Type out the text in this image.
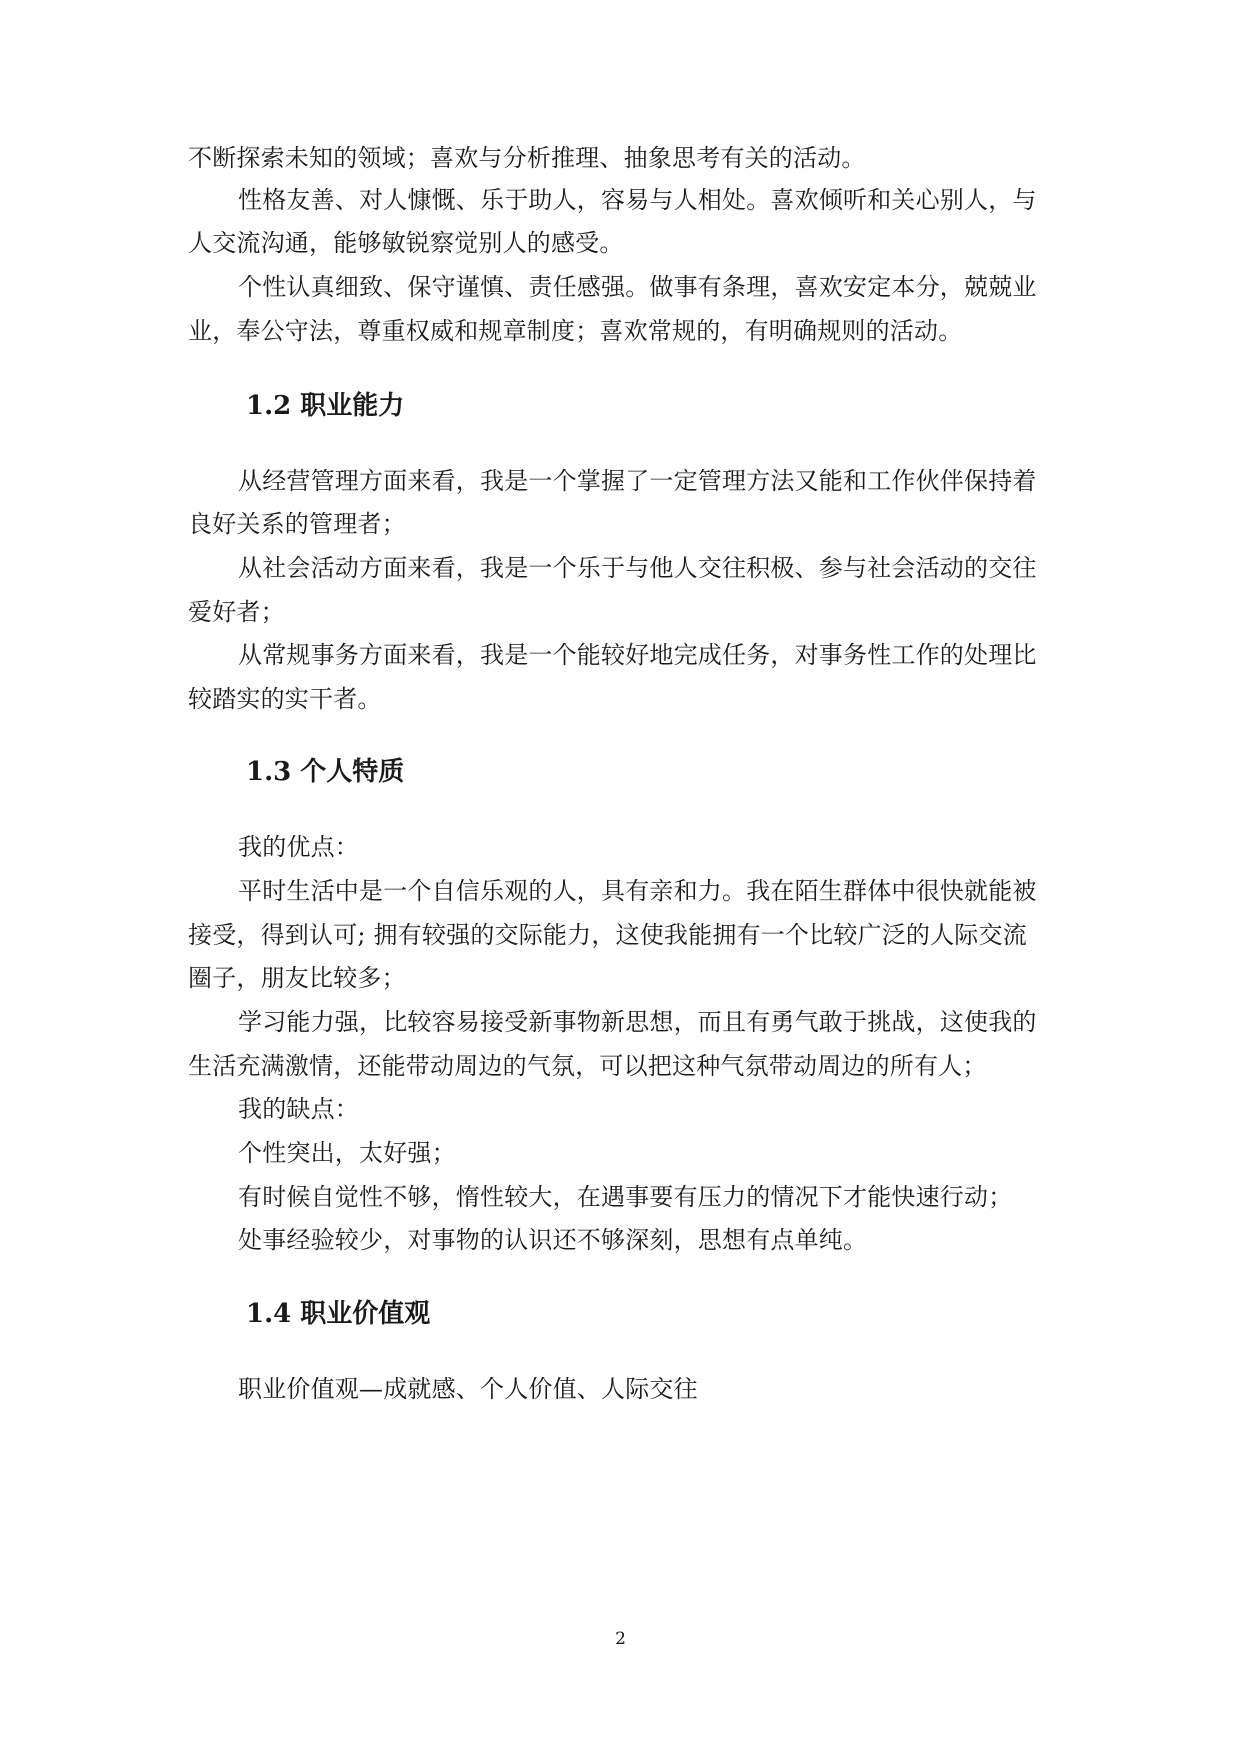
不断探索未知的领域；喜欢与分析推理、抽象思考有关的活动。
性格友善、对人慷慨、乐于助人，容易与人相处。喜欢倾听和关心别人，与
人交流沟通，能够敏锐察觉别人的感受。
个性认真细致、保守谨慎、责任感强。做事有条理，喜欢安定本分，兢兢业
业，奉公守法，尊重权威和规章制度；喜欢常规的，有明确规则的活动。
1.2 职业能力
从经营管理方面来看，我是一个掌握了一定管理方法又能和工作伙伴保持着
良好关系的管理者；
从社会活动方面来看，我是一个乐于与他人交往积极、参与社会活动的交往
爱好者；
从常规事务方面来看，我是一个能较好地完成任务，对事务性工作的处理比
较踏实的实干者。
1.3 个人特质
我的优点：
平时生活中是一个自信乐观的人，具有亲和力。我在陌生群体中很快就能被
接受，得到认可; 拥有较强的交际能力，这使我能拥有一个比较广泛的人际交流
圈子，朋友比较多；
学习能力强，比较容易接受新事物新思想，而且有勇气敢于挑战，这使我的
生活充满激情，还能带动周边的气氛，可以把这种气氛带动周边的所有人；
我的缺点：
个性突出，太好强；
有时候自觉性不够，惰性较大，在遇事要有压力的情况下才能快速行动；
处事经验较少，对事物的认识还不够深刻，思想有点单纯。
1.4 职业价值观
职业价值观—成就感、个人价值、人际交往
2
